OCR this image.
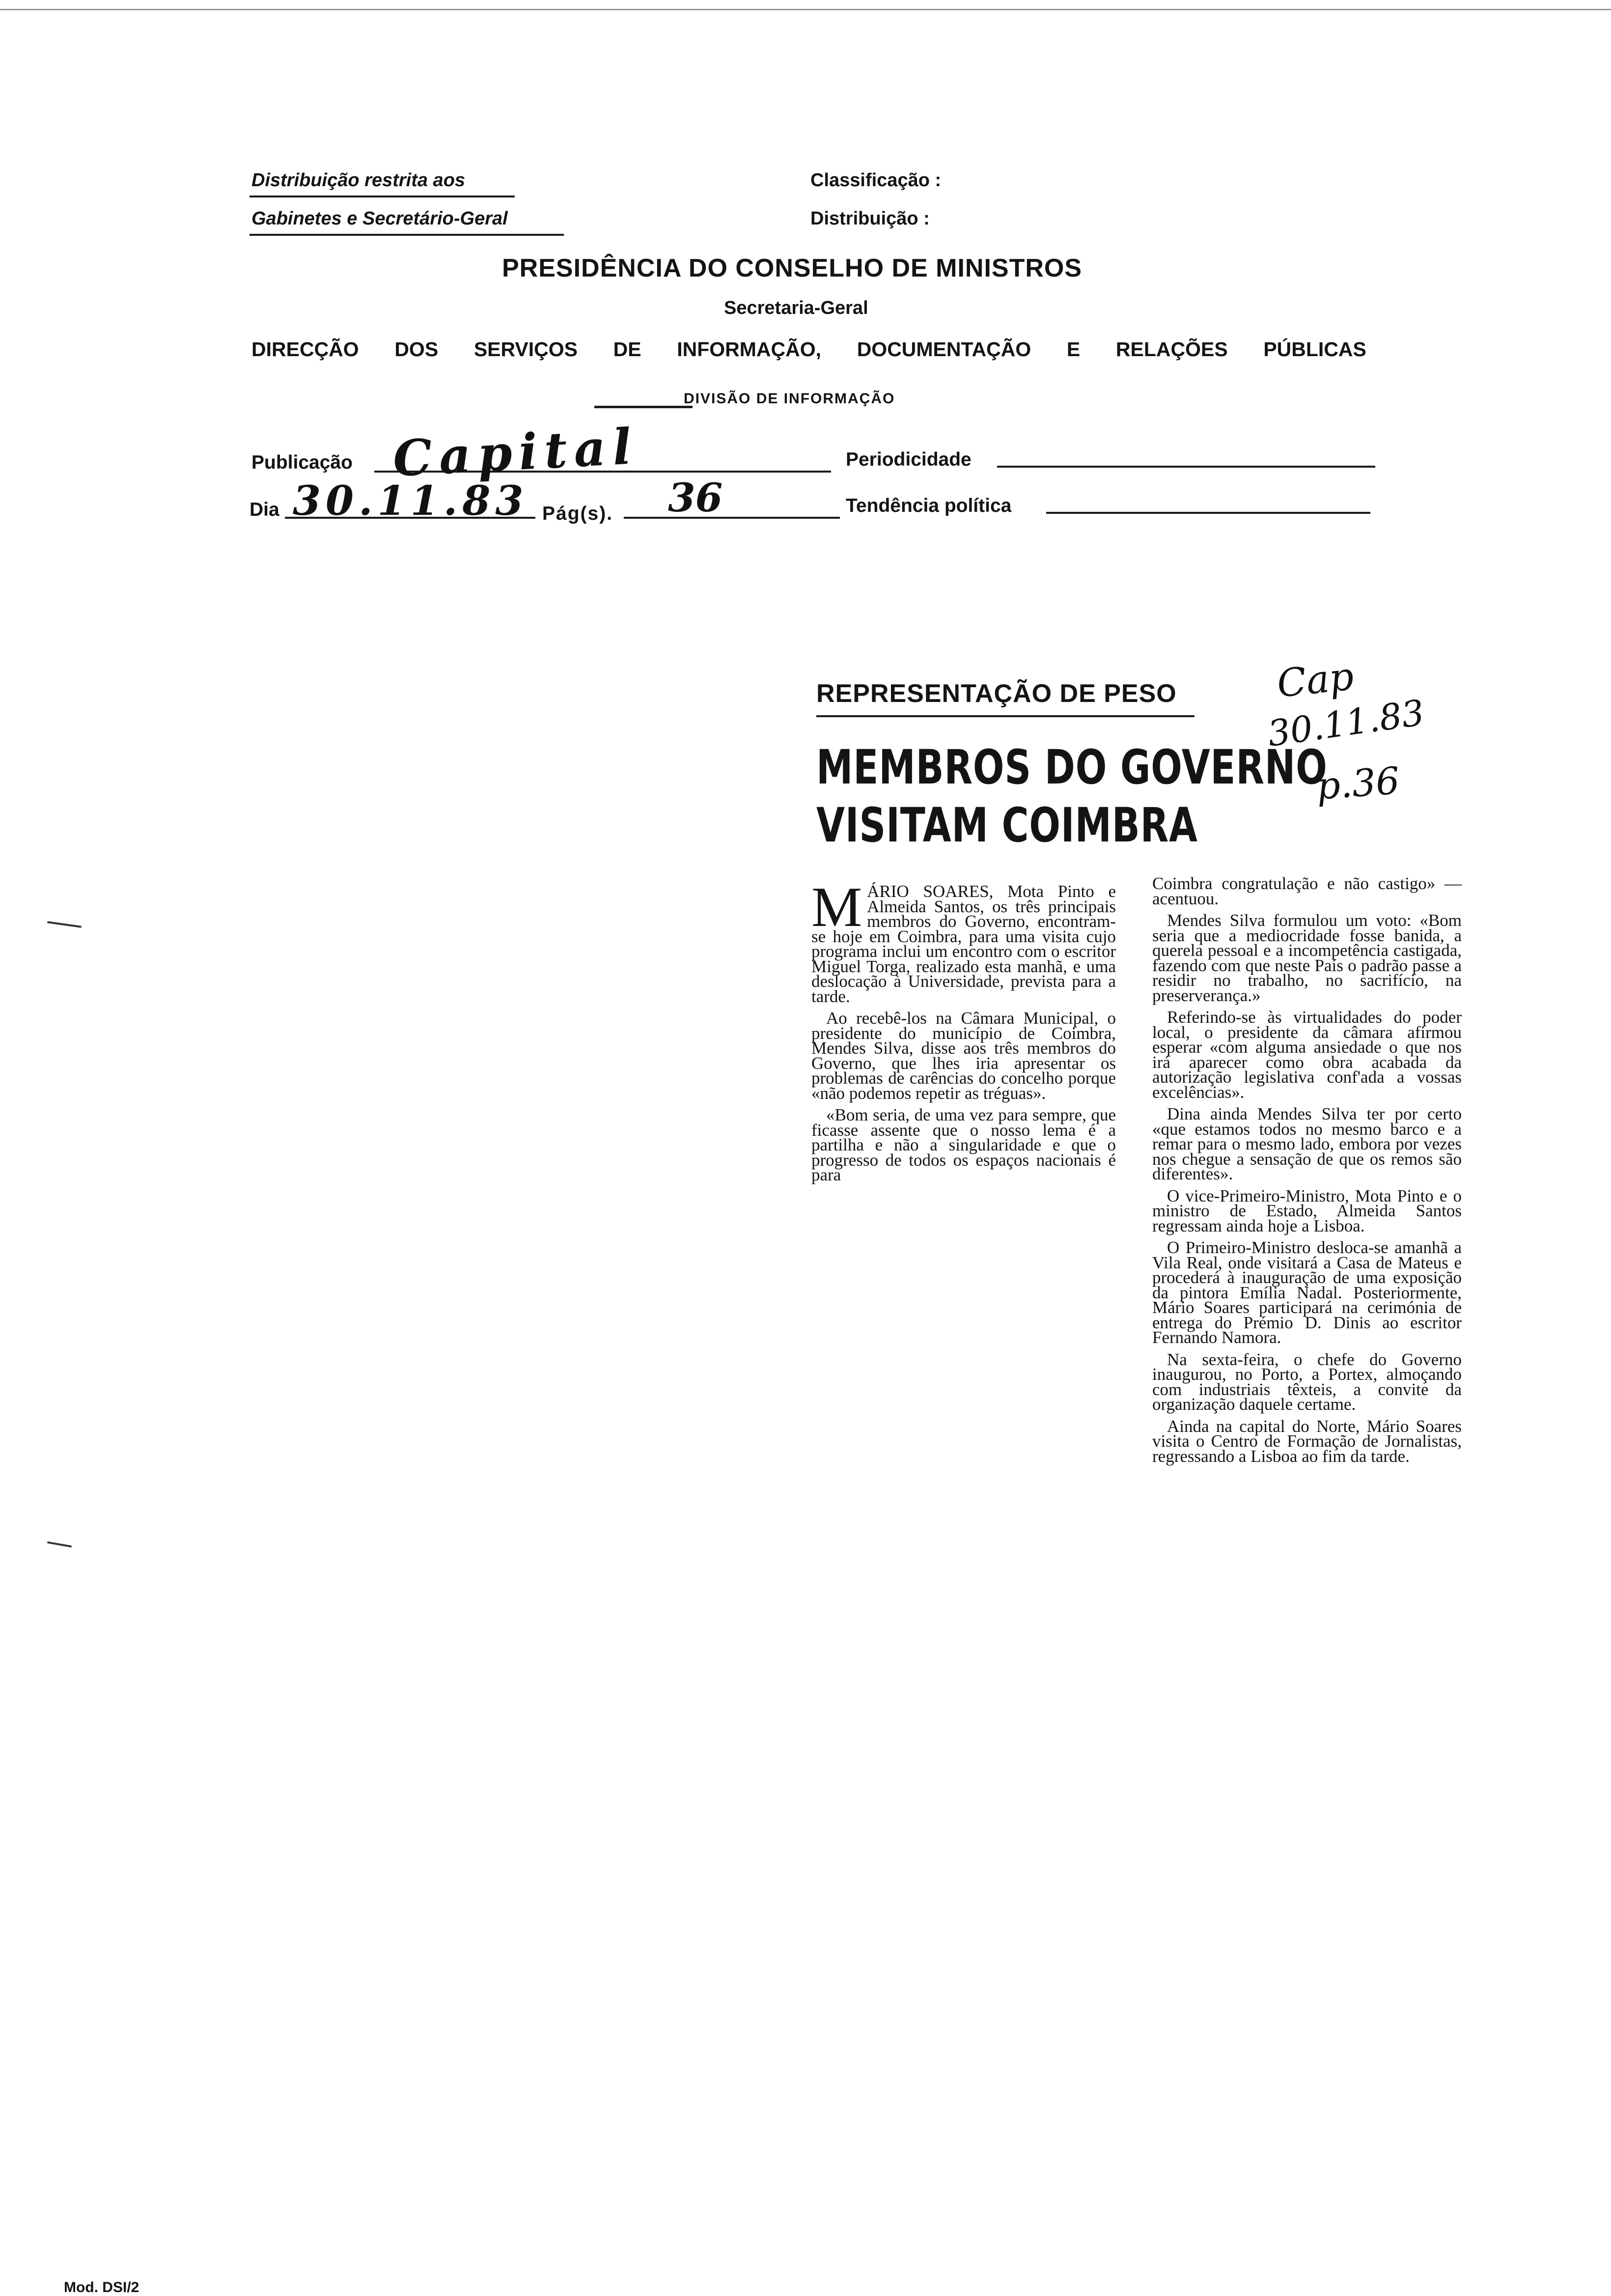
Distribuição restrita aos
Gabinetes e Secretário-Geral
Classificação :
Distribuição :
PRESIDÊNCIA DO CONSELHO DE MINISTROS
Secretaria-Geral
DIRECÇÃO DOS SERVIÇOS DE INFORMAÇÃO, DOCUMENTAÇÃO E RELAÇÕES PÚBLICAS
DIVISÃO DE INFORMAÇÃO
Publicação Capital	Periodicidade
Dia 30.11.83 Pág(s). 36	Tendência política
Cap
30.11.83
p.36
REPRESENTAÇÃO DE PESO
MEMBROS DO GOVERNO
VISITAM COIMBRA

MÁRIO SOARES, Mota Pinto e Almeida Santos, os três principais membros do Governo, encontram-se hoje em Coimbra, para uma visita cujo programa inclui um encontro com o escritor Miguel Torga, realizado esta manhã, e uma deslocação à Universidade, prevista para a tarde.

Ao recebê-los na Câmara Municipal, o presidente do município de Coimbra, Mendes Silva, disse aos três membros do Governo, que lhes iria apresentar os problemas de carências do concelho porque «não podemos repetir as tréguas».

«Bom seria, de uma vez para sempre, que ficasse assente que o nosso lema é a partilha e não a singularidade e que o progresso de todos os espaços nacionais é para

Coimbra congratulação e não castigo» — acentuou.

Mendes Silva formulou um voto: «Bom seria que a mediocridade fosse banida, a querela pessoal e a incompetência castigada, fazendo com que neste País o padrão passe a residir no trabalho, no sacrifício, na preserverança.»

Referindo-se às virtualidades do poder local, o presidente da câmara afirmou esperar «com alguma ansiedade o que nos irá aparecer como obra acabada da autorização legislativa conf'ada a vossas excelências».

Dina ainda Mendes Silva ter por certo «que estamos todos no mesmo barco e a remar para o mesmo lado, embora por vezes nos chegue a sensação de que os remos são diferentes».

O vice-Primeiro-Ministro, Mota Pinto e o ministro de Estado, Almeida Santos regressam ainda hoje a Lisboa.

O Primeiro-Ministro desloca-se amanhã a Vila Real, onde visitará a Casa de Mateus e procederá à inauguração de uma exposição da pintora Emília Nadal. Posteriormente, Mário Soares participará na cerimónia de entrega do Prémio D. Dinis ao escritor Fernando Namora.

Na sexta-feira, o chefe do Governo inaugurou, no Porto, a Portex, almoçando com industriais têxteis, a convite da organização daquele certame.

Ainda na capital do Norte, Mário Soares visita o Centro de Formação de Jornalistas, regressando a Lisboa ao fim da tarde.

Mod. DSI/2
